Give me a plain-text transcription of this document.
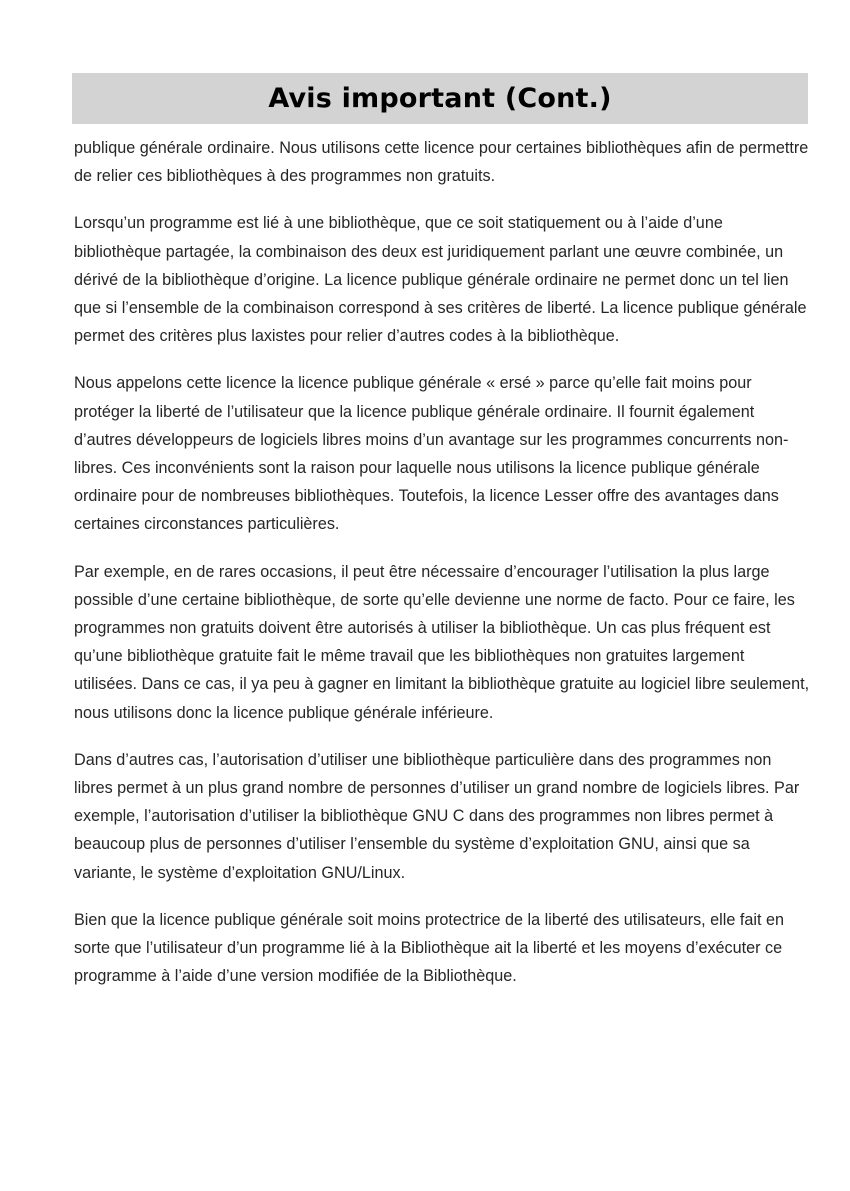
Avis important (Cont.)

publique générale ordinaire. Nous utilisons cette licence pour certaines bibliothèques afin de permettre de relier ces bibliothèques à des programmes non gratuits.

Lorsqu’un programme est lié à une bibliothèque, que ce soit statiquement ou à l’aide d’une bibliothèque partagée, la combinaison des deux est juridiquement parlant une œuvre combinée, un dérivé de la bibliothèque d’origine. La licence publique générale ordinaire ne permet donc un tel lien que si l’ensemble de la combinaison correspond à ses critères de liberté. La licence publique générale permet des critères plus laxistes pour relier d’autres codes à la bibliothèque.

Nous appelons cette licence la licence publique générale « ersé » parce qu’elle fait moins pour protéger la liberté de l’utilisateur que la licence publique générale ordinaire. Il fournit également d’autres développeurs de logiciels libres moins d’un avantage sur les programmes concurrents non-libres. Ces inconvénients sont la raison pour laquelle nous utilisons la licence publique générale ordinaire pour de nombreuses bibliothèques. Toutefois, la licence Lesser offre des avantages dans certaines circonstances particulières.

Par exemple, en de rares occasions, il peut être nécessaire d’encourager l’utilisation la plus large possible d’une certaine bibliothèque, de sorte qu’elle devienne une norme de facto. Pour ce faire, les programmes non gratuits doivent être autorisés à utiliser la bibliothèque. Un cas plus fréquent est qu’une bibliothèque gratuite fait le même travail que les bibliothèques non gratuites largement utilisées. Dans ce cas, il ya peu à gagner en limitant la bibliothèque gratuite au logiciel libre seulement, nous utilisons donc la licence publique générale inférieure.

Dans d’autres cas, l’autorisation d’utiliser une bibliothèque particulière dans des programmes non libres permet à un plus grand nombre de personnes d’utiliser un grand nombre de logiciels libres. Par exemple, l’autorisation d’utiliser la bibliothèque GNU C dans des programmes non libres permet à beaucoup plus de personnes d’utiliser l’ensemble du système d’exploitation GNU, ainsi que sa variante, le système d’exploitation GNU/Linux.

Bien que la licence publique générale soit moins protectrice de la liberté des utilisateurs, elle fait en sorte que l’utilisateur d’un programme lié à la Bibliothèque ait la liberté et les moyens d’exécuter ce programme à l’aide d’une version modifiée de la Bibliothèque.
